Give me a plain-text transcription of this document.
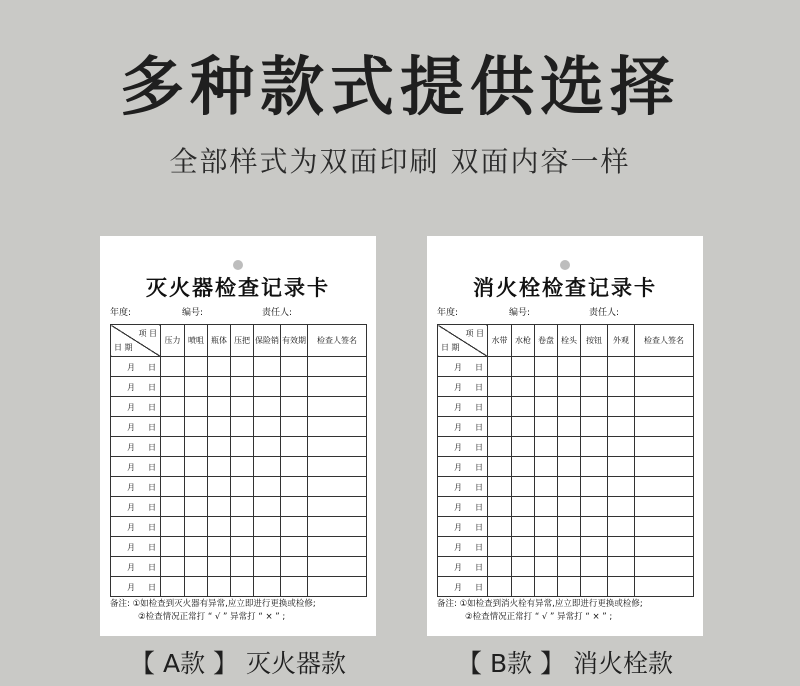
多种款式提供选择
全部样式为双面印刷 双面内容一样
灭火器检查记录卡
年度:	编号:	责任人:
项 目
日 期	压力	喷咀	瓶体	压把	保险销	有效期	检查人签名

月 日							

月 日							

月 日							

月 日							

月 日							

月 日							

月 日							

月 日							

月 日							

月 日							

月 日							

月 日							

备注: ①如检查到灭火器有异常,应立即进行更换或检修;
②检查情况正常打 “ √ ” 异常打 “ × ” ;
消火栓检查记录卡
年度:	编号:	责任人:
项 目
日 期	水带	水枪	卷盘	栓头	按钮	外观	检查人签名

月 日							

月 日							

月 日							

月 日							

月 日							

月 日							

月 日							

月 日							

月 日							

月 日							

月 日							

月 日							

备注: ①如检查到消火栓有异常,应立即进行更换或检修;
②检查情况正常打 “ √ ” 异常打 “ × ” ;
【 A款 】 灭火器款	【 B款 】 消火栓款
